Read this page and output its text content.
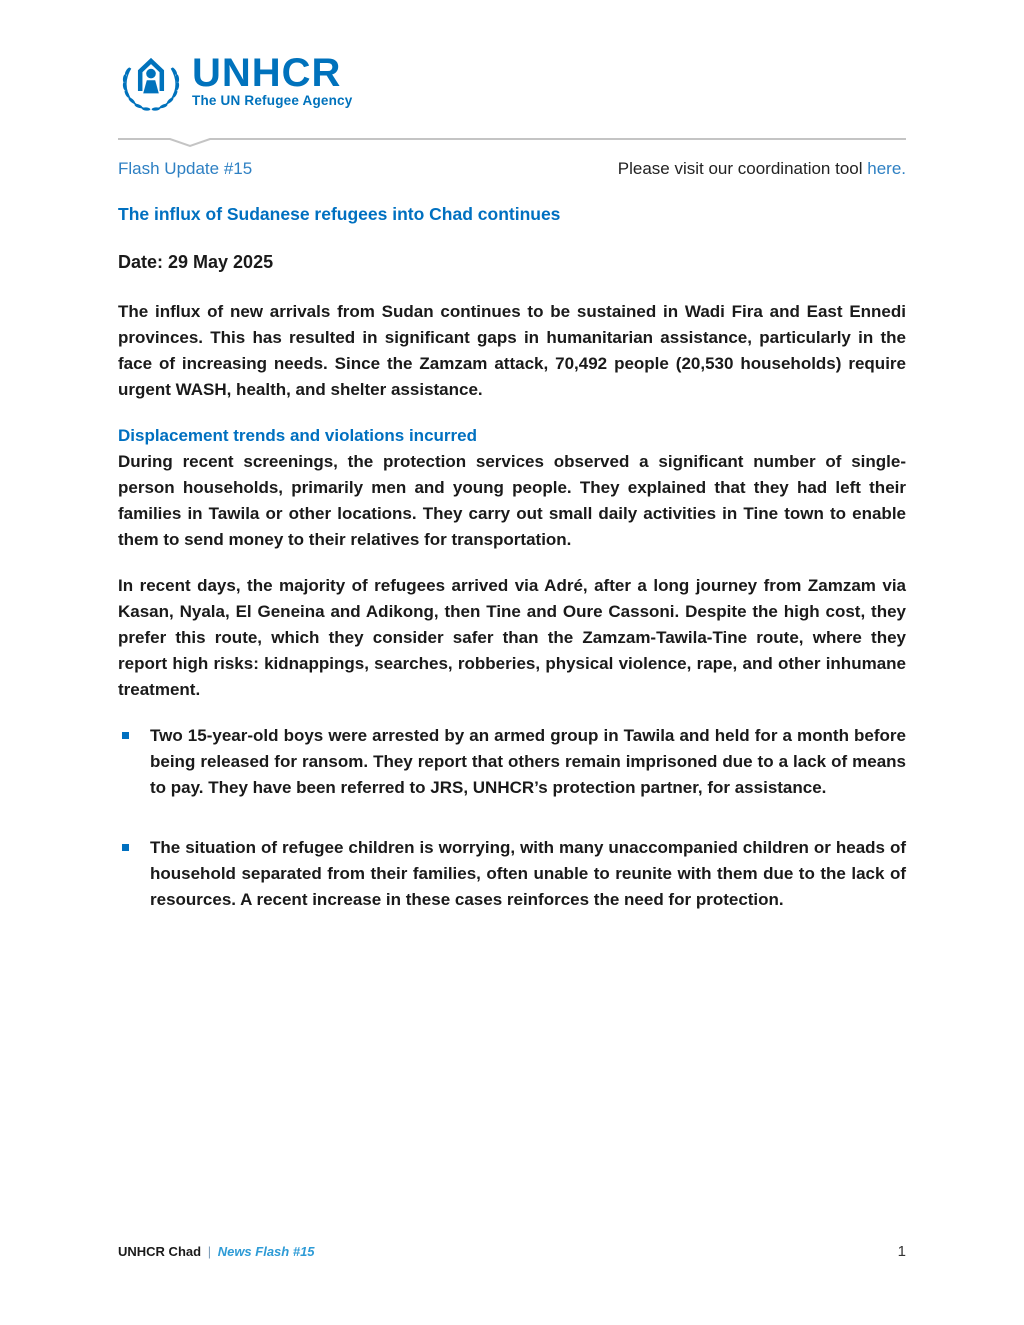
UNHCR
The UN Refugee Agency
Flash Update #15	Please visit our coordination tool here.
The influx of Sudanese refugees into Chad continues

Date: 29 May 2025

The influx of new arrivals from Sudan continues to be sustained in Wadi Fira and East Ennedi provinces. This has resulted in significant gaps in humanitarian assistance, particularly in the face of increasing needs. Since the Zamzam attack, 70,492 people (20,530 households) require urgent WASH, health, and shelter assistance.

Displacement trends and violations incurred

During recent screenings, the protection services observed a significant number of single-person households, primarily men and young people. They explained that they had left their families in Tawila or other locations. They carry out small daily activities in Tine town to enable them to send money to their relatives for transportation.

In recent days, the majority of refugees arrived via Adré, after a long journey from Zamzam via Kasan, Nyala, El Geneina and Adikong, then Tine and Oure Cassoni. Despite the high cost, they prefer this route, which they consider safer than the Zamzam-Tawila-Tine route, where they report high risks: kidnappings, searches, robberies, physical violence, rape, and other inhumane treatment.

Two 15-year-old boys were arrested by an armed group in Tawila and held for a month before being released for ransom. They report that others remain imprisoned due to a lack of means to pay. They have been referred to JRS, UNHCR’s protection partner, for assistance.
The situation of refugee children is worrying, with many unaccompanied children or heads of household separated from their families, often unable to reunite with them due to the lack of resources. A recent increase in these cases reinforces the need for protection.
UNHCR Chad | News Flash #15	1
